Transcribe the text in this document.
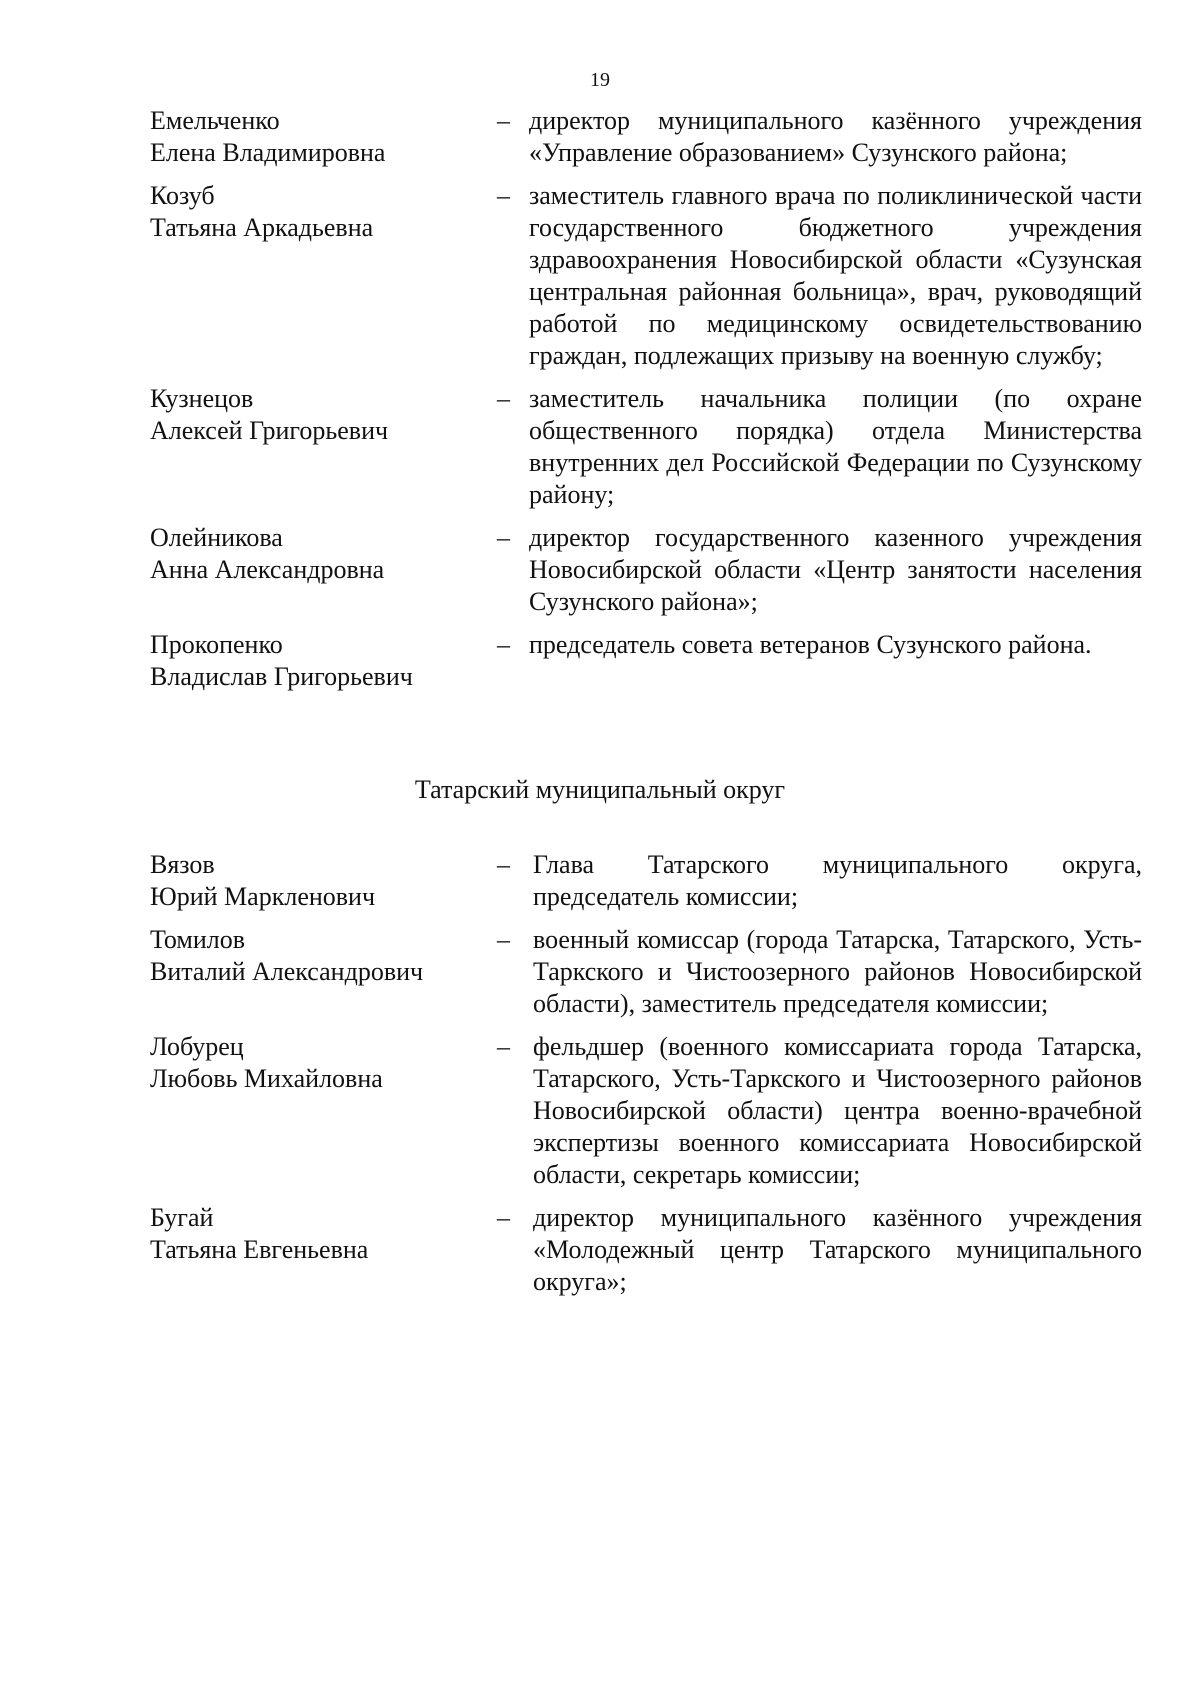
19
Емельченко
Елена Владимировна
– директор муниципального казённого учреждения «Управление образованием» Сузунского района;
Козуб
Татьяна Аркадьевна
– заместитель главного врача по поликлинической части государственного бюджетного учреждения здравоохранения Новосибирской области «Сузунская центральная районная больница», врач, руководящий работой по медицинскому освидетельствованию граждан, подлежащих призыву на военную службу;
Кузнецов
Алексей Григорьевич
– заместитель начальника полиции (по охране общественного порядка) отдела Министерства внутренних дел Российской Федерации по Сузунскому району;
Олейникова
Анна Александровна
– директор государственного казенного учреждения Новосибирской области «Центр занятости населения Сузунского района»;
Прокопенко
Владислав Григорьевич
– председатель совета ветеранов Сузунского района.
Татарский муниципальный округ
Вязов
Юрий Маркленович
– Глава Татарского муниципального округа, председатель комиссии;
Томилов
Виталий Александрович
– военный комиссар (города Татарска, Татарского, Усть-Таркского и Чистоозерного районов Новосибирской области), заместитель председателя комиссии;
Лобурец
Любовь Михайловна
– фельдшер (военного комиссариата города Татарска, Татарского, Усть-Таркского и Чистоозерного районов Новосибирской области) центра военно-врачебной экспертизы военного комиссариата Новосибирской области, секретарь комиссии;
Бугай
Татьяна Евгеньевна
– директор муниципального казённого учреждения «Молодежный центр Татарского муниципального округа»;
